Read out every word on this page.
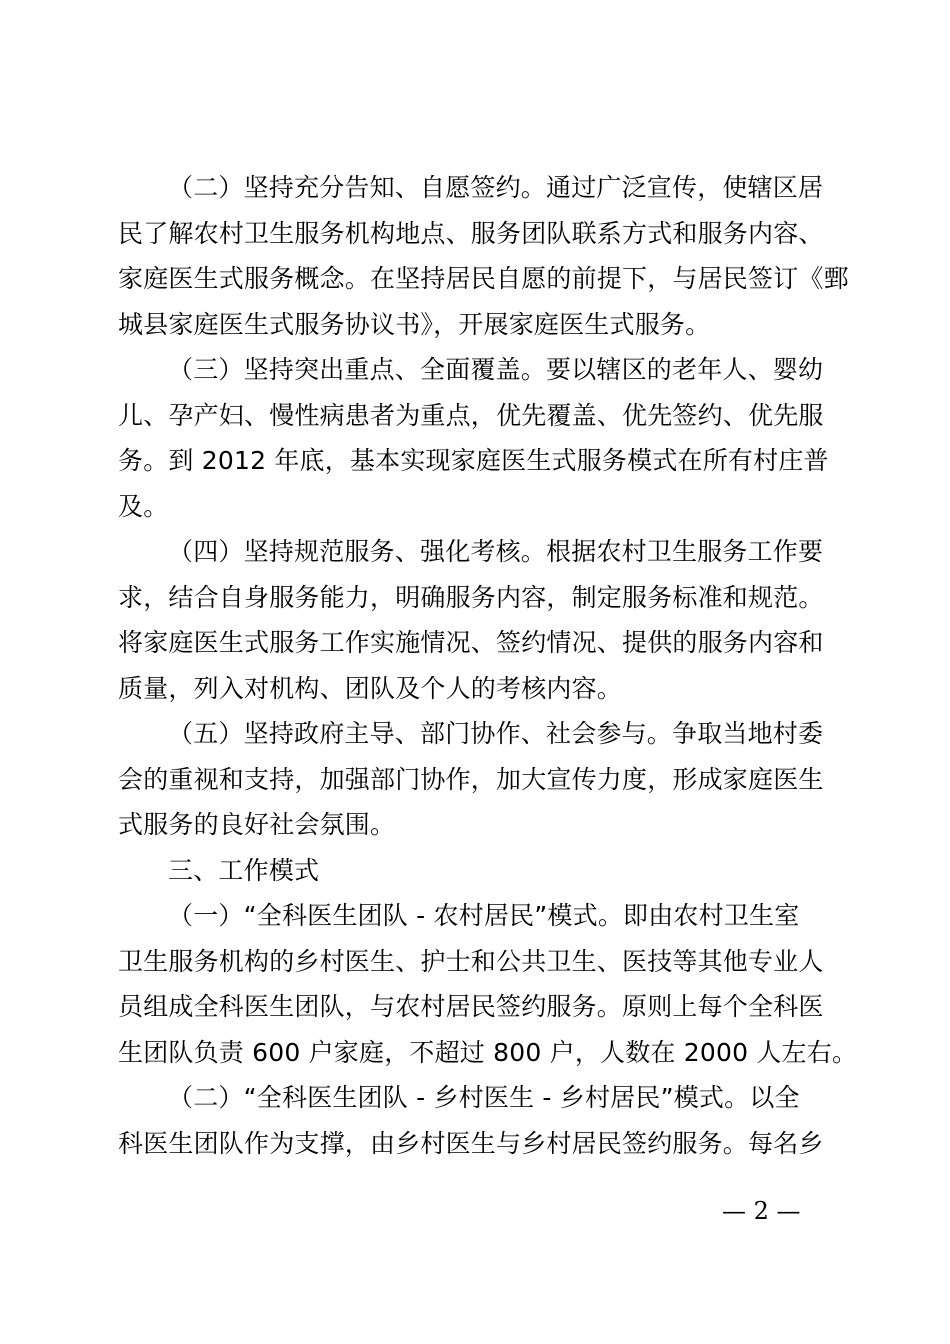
（二）坚持充分告知、自愿签约。通过广泛宣传，使辖区居
民了解农村卫生服务机构地点、服务团队联系方式和服务内容、
家庭医生式服务概念。在坚持居民自愿的前提下，与居民签订《鄄
城县家庭医生式服务协议书》，开展家庭医生式服务。
（三）坚持突出重点、全面覆盖。要以辖区的老年人、婴幼
儿、孕产妇、慢性病患者为重点，优先覆盖、优先签约、优先服
务。到 2012 年底，基本实现家庭医生式服务模式在所有村庄普
及。
（四）坚持规范服务、强化考核。根据农村卫生服务工作要
求，结合自身服务能力，明确服务内容，制定服务标准和规范。
将家庭医生式服务工作实施情况、签约情况、提供的服务内容和
质量，列入对机构、团队及个人的考核内容。
（五）坚持政府主导、部门协作、社会参与。争取当地村委
会的重视和支持，加强部门协作，加大宣传力度，形成家庭医生
式服务的良好社会氛围。
三、工作模式
（一）“全科医生团队 - 农村居民”模式。即由农村卫生室
卫生服务机构的乡村医生、护士和公共卫生、医技等其他专业人
员组成全科医生团队，与农村居民签约服务。原则上每个全科医
生团队负责 600 户家庭，不超过 800 户，人数在 2000 人左右。
（二）“全科医生团队 - 乡村医生 - 乡村居民”模式。以全
科医生团队作为支撑，由乡村医生与乡村居民签约服务。每名乡
— 2 —
